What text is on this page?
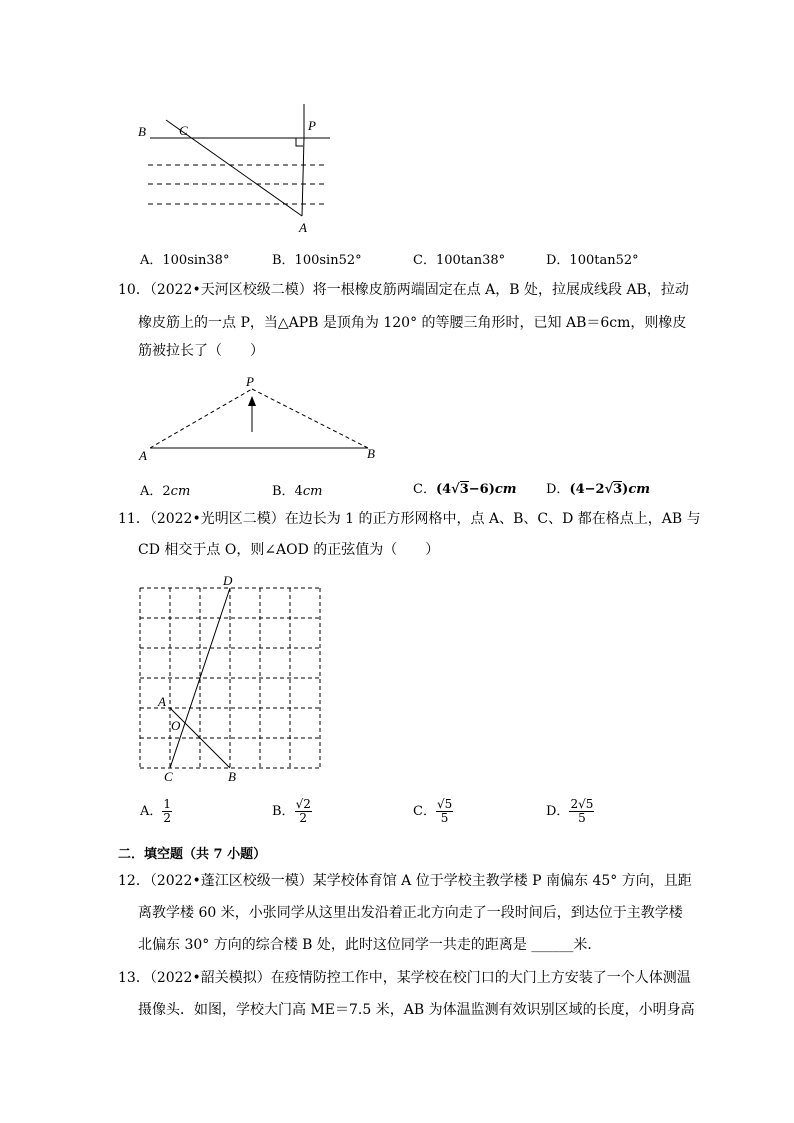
B	C	P
A
A．100sin38°	B．100sin52°	C．100tan38°	D．100tan52°
10．（2022•天河区校级二模）将一根橡皮筋两端固定在点 A，B 处，拉展成线段 AB，拉动
橡皮筋上的一点 P，当△APB 是顶角为 120° 的等腰三角形时，已知 AB＝6cm，则橡皮
筋被拉长了（　　）
P
A	B
A．2cm	B．4cm	C．(4√3−6)cm D．(4−2√3)cm
11．（2022•光明区二模）在边长为 1 的正方形网格中，点 A、B、C、D 都在格点上，AB 与
CD 相交于点 O，则∠AOD 的正弦值为（　　）
D
A
O
C	B
A． $\frac{1}{2}$	B． $\frac{√2}{2}$	C． $\frac{√5}{5}$	D． $\frac{2√5}{5}$
二．填空题（共 7 小题）
12．（2022•蓬江区校级一模）某学校体育馆 A 位于学校主教学楼 P 南偏东 45° 方向，且距
离教学楼 60 米，小张同学从这里出发沿着正北方向走了一段时间后，到达位于主教学楼
北偏东 30° 方向的综合楼 B 处，此时这位同学一共走的距离是 ______米．
13．（2022•韶关模拟）在疫情防控工作中，某学校在校门口的大门上方安装了一个人体测温
摄像头．如图，学校大门高 ME＝7.5 米，AB 为体温监测有效识别区域的长度，小明身高
